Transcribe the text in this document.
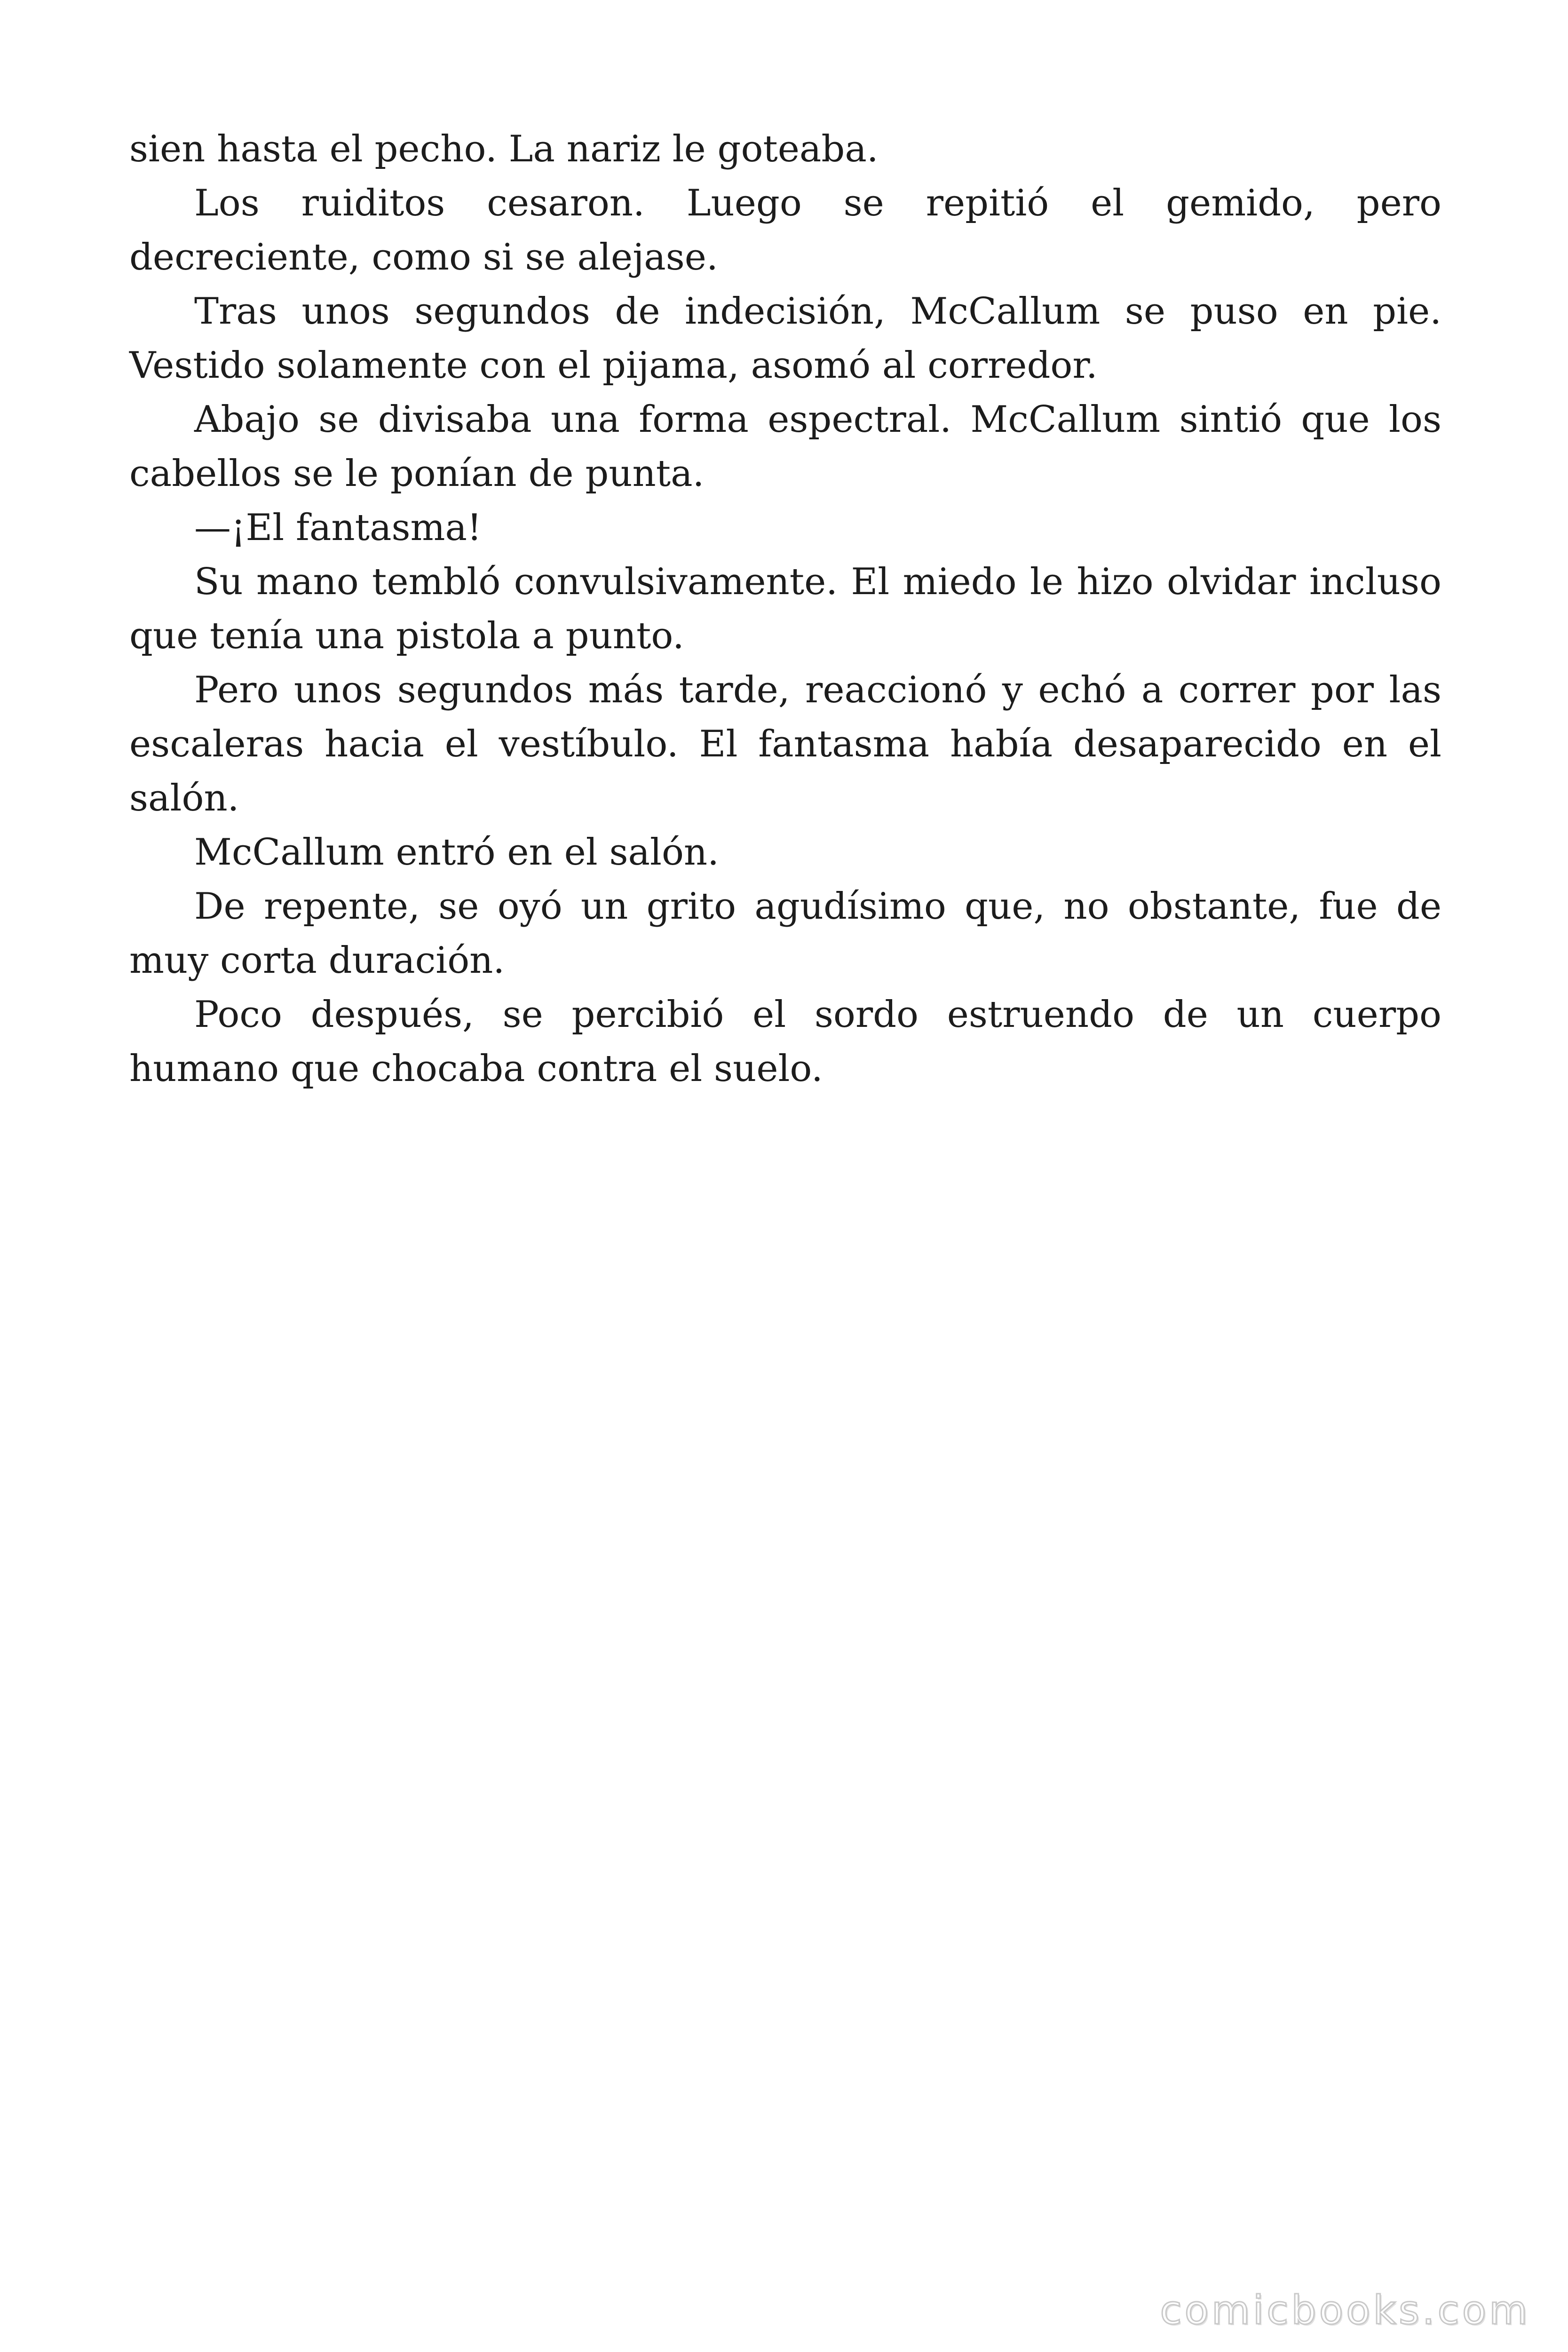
sien hasta el pecho. La nariz le goteaba.

Los ruiditos cesaron. Luego se repitió el gemido, pero decreciente, como si se alejase.

Tras unos segundos de indecisión, McCallum se puso en pie. Vestido solamente con el pijama, asomó al corredor.

Abajo se divisaba una forma espectral. McCallum sintió que los cabellos se le ponían de punta.

—¡El fantasma!

Su mano tembló convulsivamente. El miedo le hizo olvidar incluso que tenía una pistola a punto.

Pero unos segundos más tarde, reaccionó y echó a correr por las escaleras hacia el vestíbulo. El fantasma había desaparecido en el salón.

McCallum entró en el salón.

De repente, se oyó un grito agudísimo que, no obstante, fue de muy corta duración.

Poco después, se percibió el sordo estruendo de un cuerpo humano que chocaba contra el suelo.

comicbooks.com
